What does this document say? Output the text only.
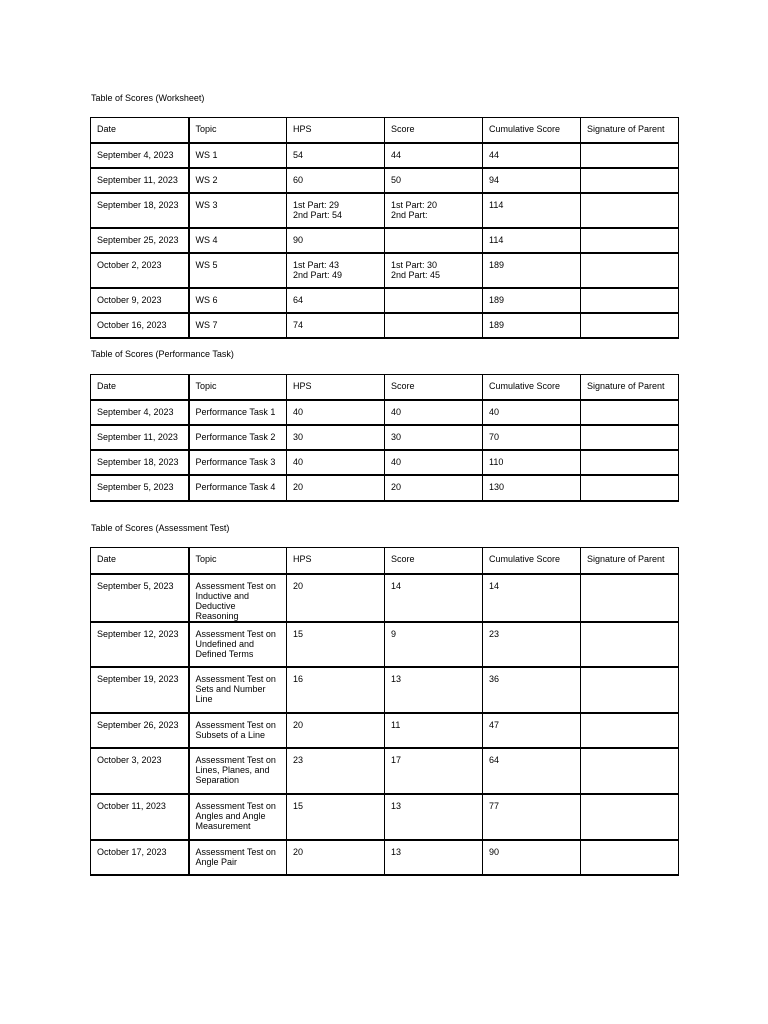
Table of Scores (Worksheet)
Date	Topic	HPS	Score	Cumulative Score	Signature of Parent
September 4, 2023	WS 1	54	44	44	
September 11, 2023	WS 2	60	50	94	
September 18, 2023	WS 3	1st Part: 29
2nd Part: 54	1st Part: 20
2nd Part:	114	
September 25, 2023	WS 4	90		114	
October 2, 2023	WS 5	1st Part: 43
2nd Part: 49	1st Part: 30
2nd Part: 45	189	
October 9, 2023	WS 6	64		189	
October 16, 2023	WS 7	74		189	
Table of Scores (Performance Task)
Date	Topic	HPS	Score	Cumulative Score	Signature of Parent
September 4, 2023	Performance Task 1	40	40	40	
September 11, 2023	Performance Task 2	30	30	70	
September 18, 2023	Performance Task 3	40	40	110	
September 5, 2023	Performance Task 4	20	20	130	
Table of Scores (Assessment Test)
Date	Topic	HPS	Score	Cumulative Score	Signature of Parent
September 5, 2023	Assessment Test on
Inductive and
Deductive Reasoning	20	14	14	
September 12, 2023	Assessment Test on
Undefined and
Defined Terms	15	9	23	
September 19, 2023	Assessment Test on
Sets and Number
Line	16	13	36	
September 26, 2023	Assessment Test on
Subsets of a Line	20	11	47	
October 3, 2023	Assessment Test on
Lines, Planes, and
Separation	23	17	64	
October 11, 2023	Assessment Test on
Angles and Angle
Measurement	15	13	77	
October 17, 2023	Assessment Test on
Angle Pair	20	13	90	
